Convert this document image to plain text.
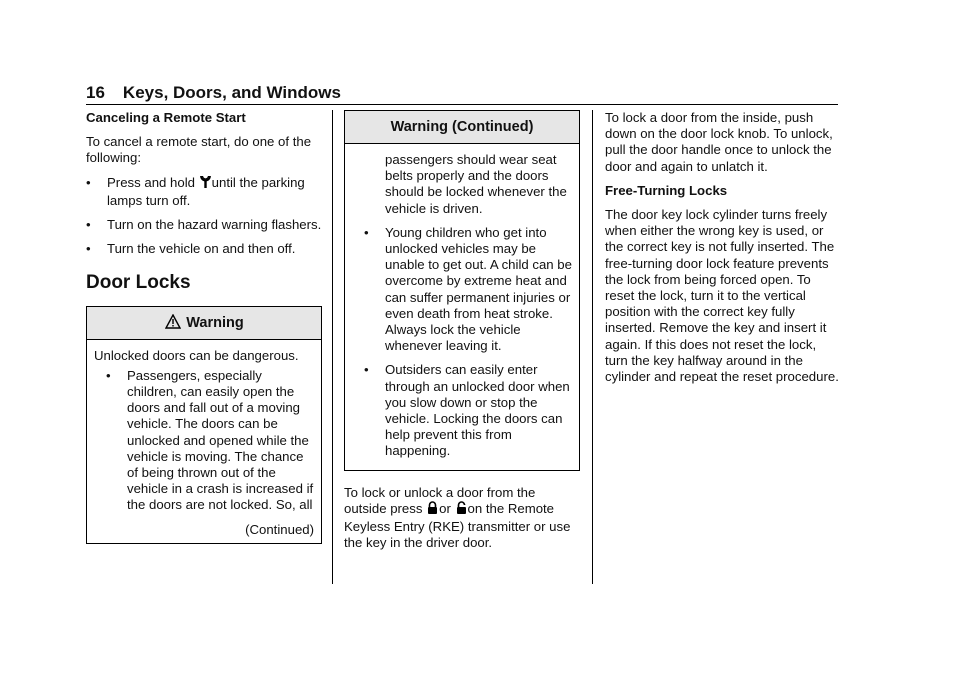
16 Keys, Doors, and Windows
Canceling a Remote Start

To cancel a remote start, do one of the following:

• Press and hold until the parking lamps turn off.
• Turn on the hazard warning flashers.
• Turn the vehicle on and then off.
Door Locks
Warning

Unlocked doors can be dangerous.

• Passengers, especially children, can easily open the doors and fall out of a moving vehicle. The doors can be unlocked and opened while the vehicle is moving. The chance of being thrown out of the vehicle in a crash is increased if the doors are not locked. So, all
(Continued)
Warning (Continued)
passengers should wear seat belts properly and the doors should be locked whenever the vehicle is driven.
• Young children who get into unlocked vehicles may be unable to get out. A child can be overcome by extreme heat and can suffer permanent injuries or even death from heat stroke. Always lock the vehicle whenever leaving it.
• Outsiders can easily enter through an unlocked door when you slow down or stop the vehicle. Locking the doors can help prevent this from happening.

To lock or unlock a door from the outside press or on the Remote Keyless Entry (RKE) transmitter or use the key in the driver door.

To lock a door from the inside, push down on the door lock knob. To unlock, pull the door handle once to unlock the door and again to unlatch it.

Free-Turning Locks

The door key lock cylinder turns freely when either the wrong key is used, or the correct key is not fully inserted. The free-turning door lock feature prevents the lock from being forced open. To reset the lock, turn it to the vertical position with the correct key fully inserted. Remove the key and insert it again. If this does not reset the lock, turn the key halfway around in the cylinder and repeat the reset procedure.
